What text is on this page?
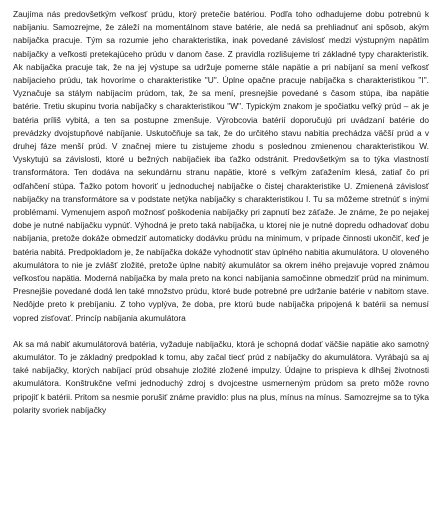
Zaujíma nás predovšetkým veľkosť prúdu, ktorý pretečie batériou. Podľa toho odhadujeme dobu potrebnú k nabíjaniu. Samozrejme, že záleží na momentálnom stave batérie, ale nedá sa prehliadnuť ani spôsob, akým nabíjačka pracuje. Tým sa rozumie jeho charakteristika, inak povedané závislosť medzi výstupným napätím nabíjačky a veľkosti pretekajúceho prúdu v danom čase. Z pravidla rozlišujeme tri základné typy charakteristík. Ak nabíjačka pracuje tak, že na jej výstupe sa udržuje pomerne stále napätie a pri nabíjaní sa mení veľkosť nabíjacieho prúdu, tak hovoríme o charakteristike "U". Úplne opačne pracuje nabíjačka s charakteristikou "I". Vyznačuje sa stálym nabíjacím prúdom, tak, že sa mení, presnejšie povedané s časom stúpa, iba napätie batérie. Tretiu skupinu tvoria nabíjačky s charakteristikou "W". Typickým znakom je spočiatku veľký prúd – ak je batéria príliš vybitá, a ten sa postupne zmenšuje. Výrobcovia batérií doporučujú pri uvádzaní batérie do prevádzky dvojstupňové nabíjanie. Uskutočňuje sa tak, že do určitého stavu nabitia prechádza väčší prúd a v druhej fáze menší prúd. V značnej miere tu zistujeme zhodu s poslednou zmienenou charakteristikou W. Vyskytujú sa závislosti, ktoré u bežných nabíjačiek iba ťažko odstránit. Predovšetkým sa to týka vlastností transformátora. Ten dodáva na sekundárnu stranu napätie, ktoré s veľkým zaťažením klesá, zatiaľ čo pri odľahčení stúpa. Ťažko potom hovoriť u jednoduchej nabíjačke o čistej charakteristike U. Zmienená závislosť nabíjačky na transformátore sa v podstate netýka nabíjačky s charakteristikou I. Tu sa môžeme stretnúť s inými problémami. Vymenujem aspoň možnosť poškodenia nabíjačky pri zapnutí bez záťaže. Je známe, že po nejakej dobe je nutné nabíjačku vypnúť. Výhodná je preto taká nabíjačka, u ktorej nie je nutné dopredu odhadovať dobu nabíjania, pretože dokáže obmedziť automaticky dodávku prúdu na minimum, v prípade činnosti ukončiť, keď je batéria nabitá. Predpokladom je, že nabíjačka dokáže vyhodnotiť stav úplného nabitia akumulátora. U oloveného akumulátora to nie je zvlášť zložité, pretože úplne nabitý akumulátor sa okrem iného prejavuje vopred známou veľkosťou napätia. Moderná nabíjačka by mala preto na konci nabíjania samočinne obmedziť prúd na minimum. Presnejšie povedané dodá len také množstvo prúdu, ktoré bude potrebné pre udržanie batérie v nabitom stave. Nedôjde preto k prebíjaniu. Z toho vyplýva, že doba, pre ktorú bude nabíjačka pripojená k batérii sa nemusí vopred zisťovať. Princíp nabíjania akumulátora

Ak sa má nabiť akumulátorová batéria, vyžaduje nabíjačku, ktorá je schopná dodať väčšie napätie ako samotný akumulátor. To je základný predpoklad k tomu, aby začal tiecť prúd z nabíjačky do akumulátora. Vyrábajú sa aj také nabíjačky, ktorých nabíjací prúd obsahuje zložité zložené impulzy. Údajne to prispieva k dlhšej životnosti akumulátora. Konštrukčne veľmi jednoduchý zdroj s dvojcestne usmerneným prúdom sa preto môže rovno pripojiť k batérii. Pritom sa nesmie porušiť známe pravidlo: plus na plus, mínus na mínus. Samozrejme sa to týka polarity svoriek nabíjačky
